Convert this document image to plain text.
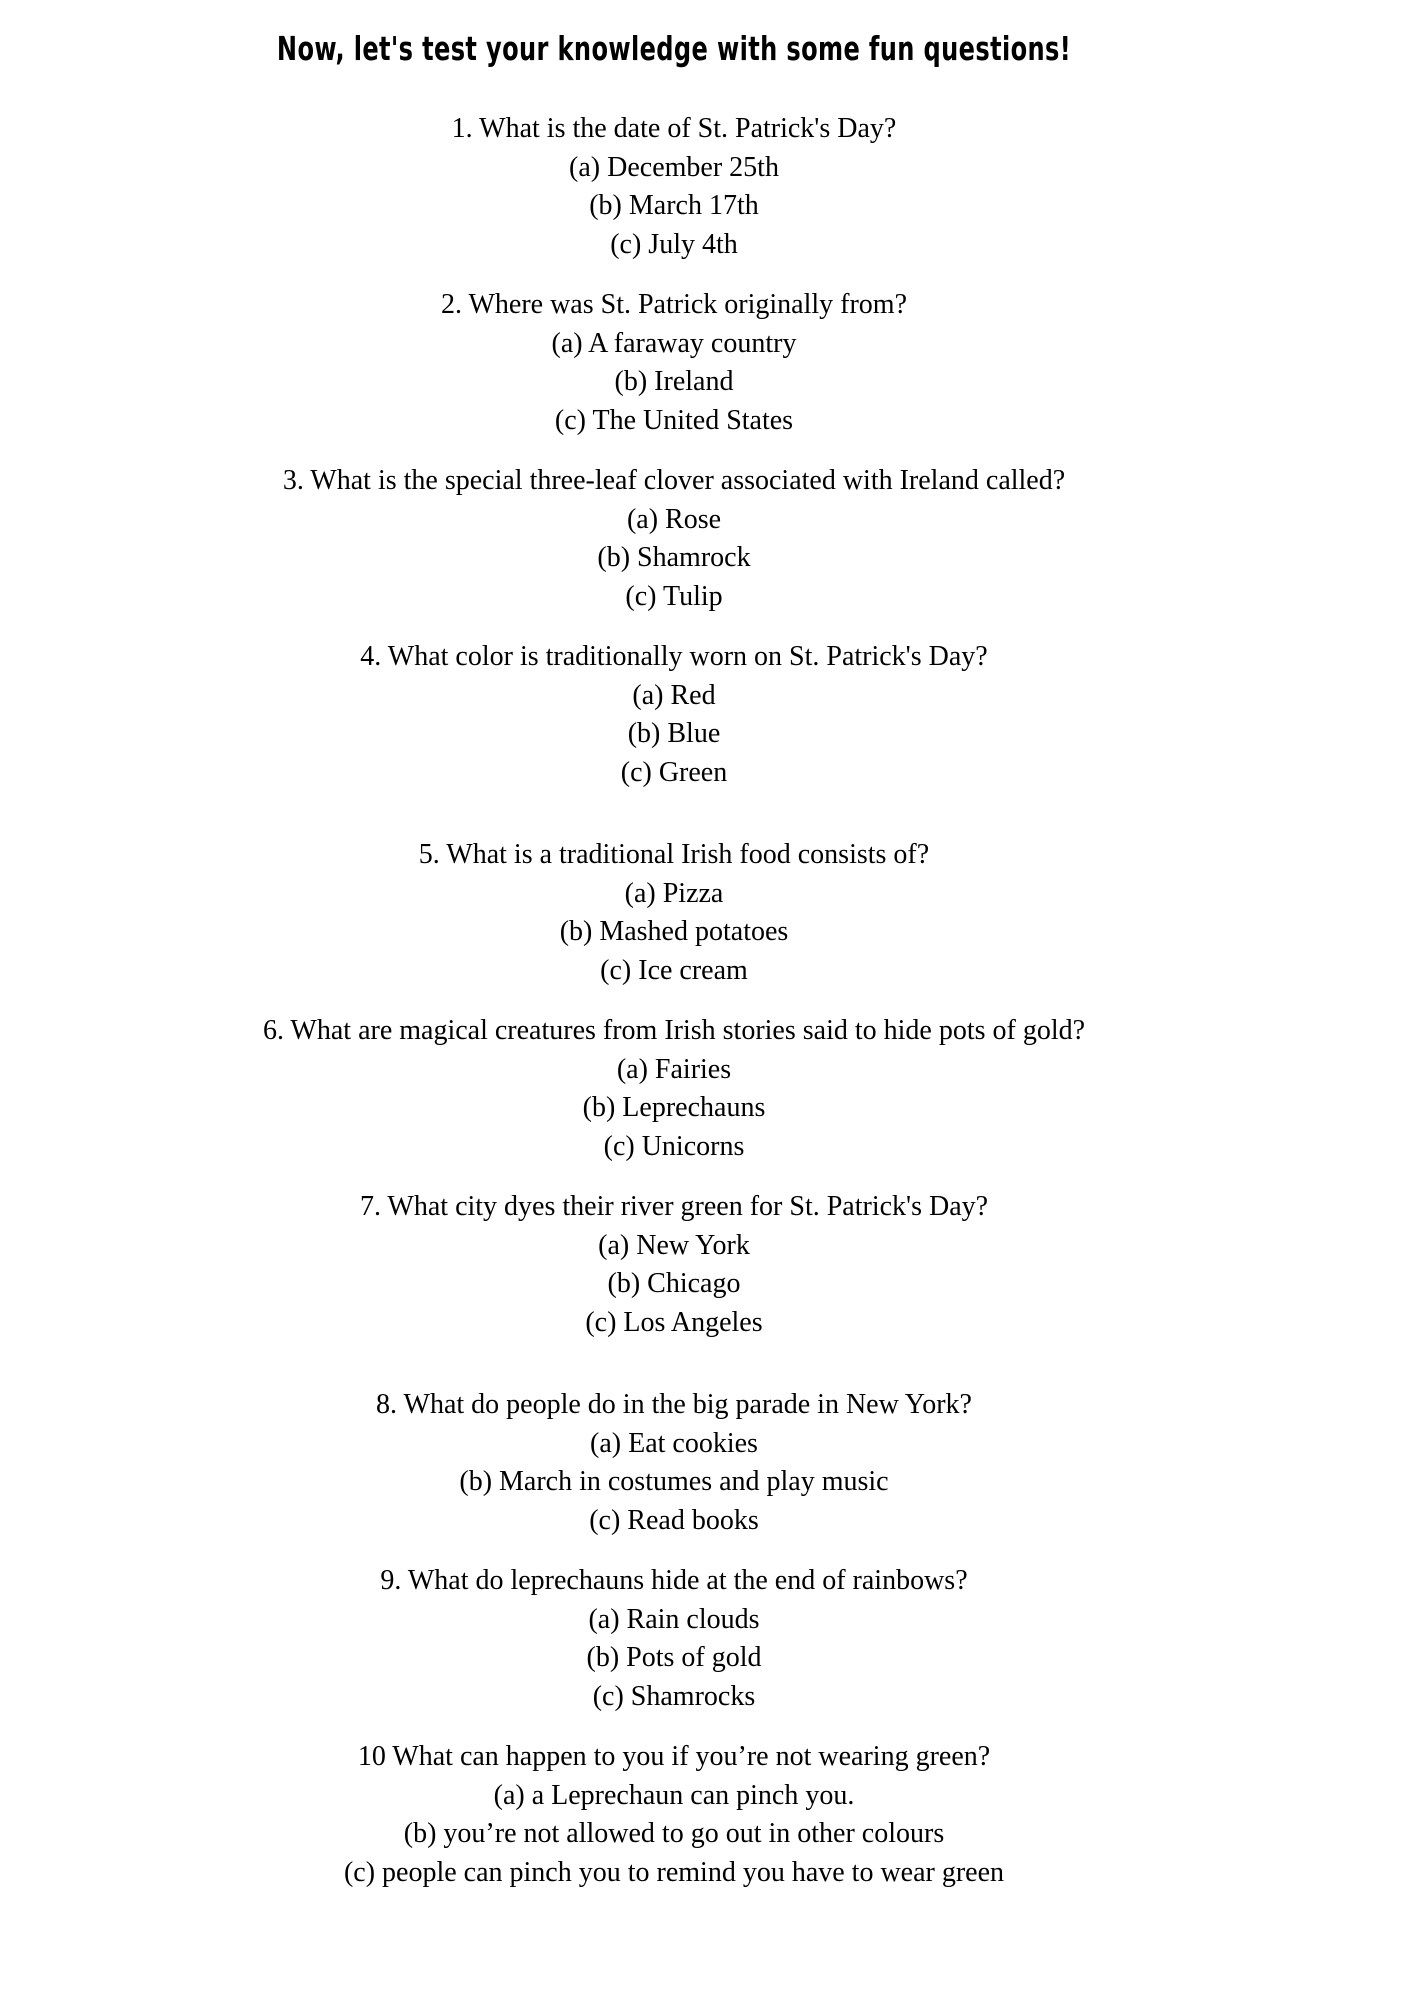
Now, let's test your knowledge with some fun questions!
1. What is the date of St. Patrick's Day?
(a) December 25th
(b) March 17th
(c) July 4th
2. Where was St. Patrick originally from?
(a) A faraway country
(b) Ireland
(c) The United States
3. What is the special three-leaf clover associated with Ireland called?
(a) Rose
(b) Shamrock
(c) Tulip
4. What color is traditionally worn on St. Patrick's Day?
(a) Red
(b) Blue
(c) Green
5. What is a traditional Irish food consists of?
(a) Pizza
(b) Mashed potatoes
(c) Ice cream
6. What are magical creatures from Irish stories said to hide pots of gold?
(a) Fairies
(b) Leprechauns
(c) Unicorns
7. What city dyes their river green for St. Patrick's Day?
(a) New York
(b) Chicago
(c) Los Angeles
8. What do people do in the big parade in New York?
(a) Eat cookies
(b) March in costumes and play music
(c) Read books
9. What do leprechauns hide at the end of rainbows?
(a) Rain clouds
(b) Pots of gold
(c) Shamrocks
10 What can happen to you if you’re not wearing green?
(a) a Leprechaun can pinch you.
(b) you’re not allowed to go out in other colours
(c) people can pinch you to remind you have to wear green
